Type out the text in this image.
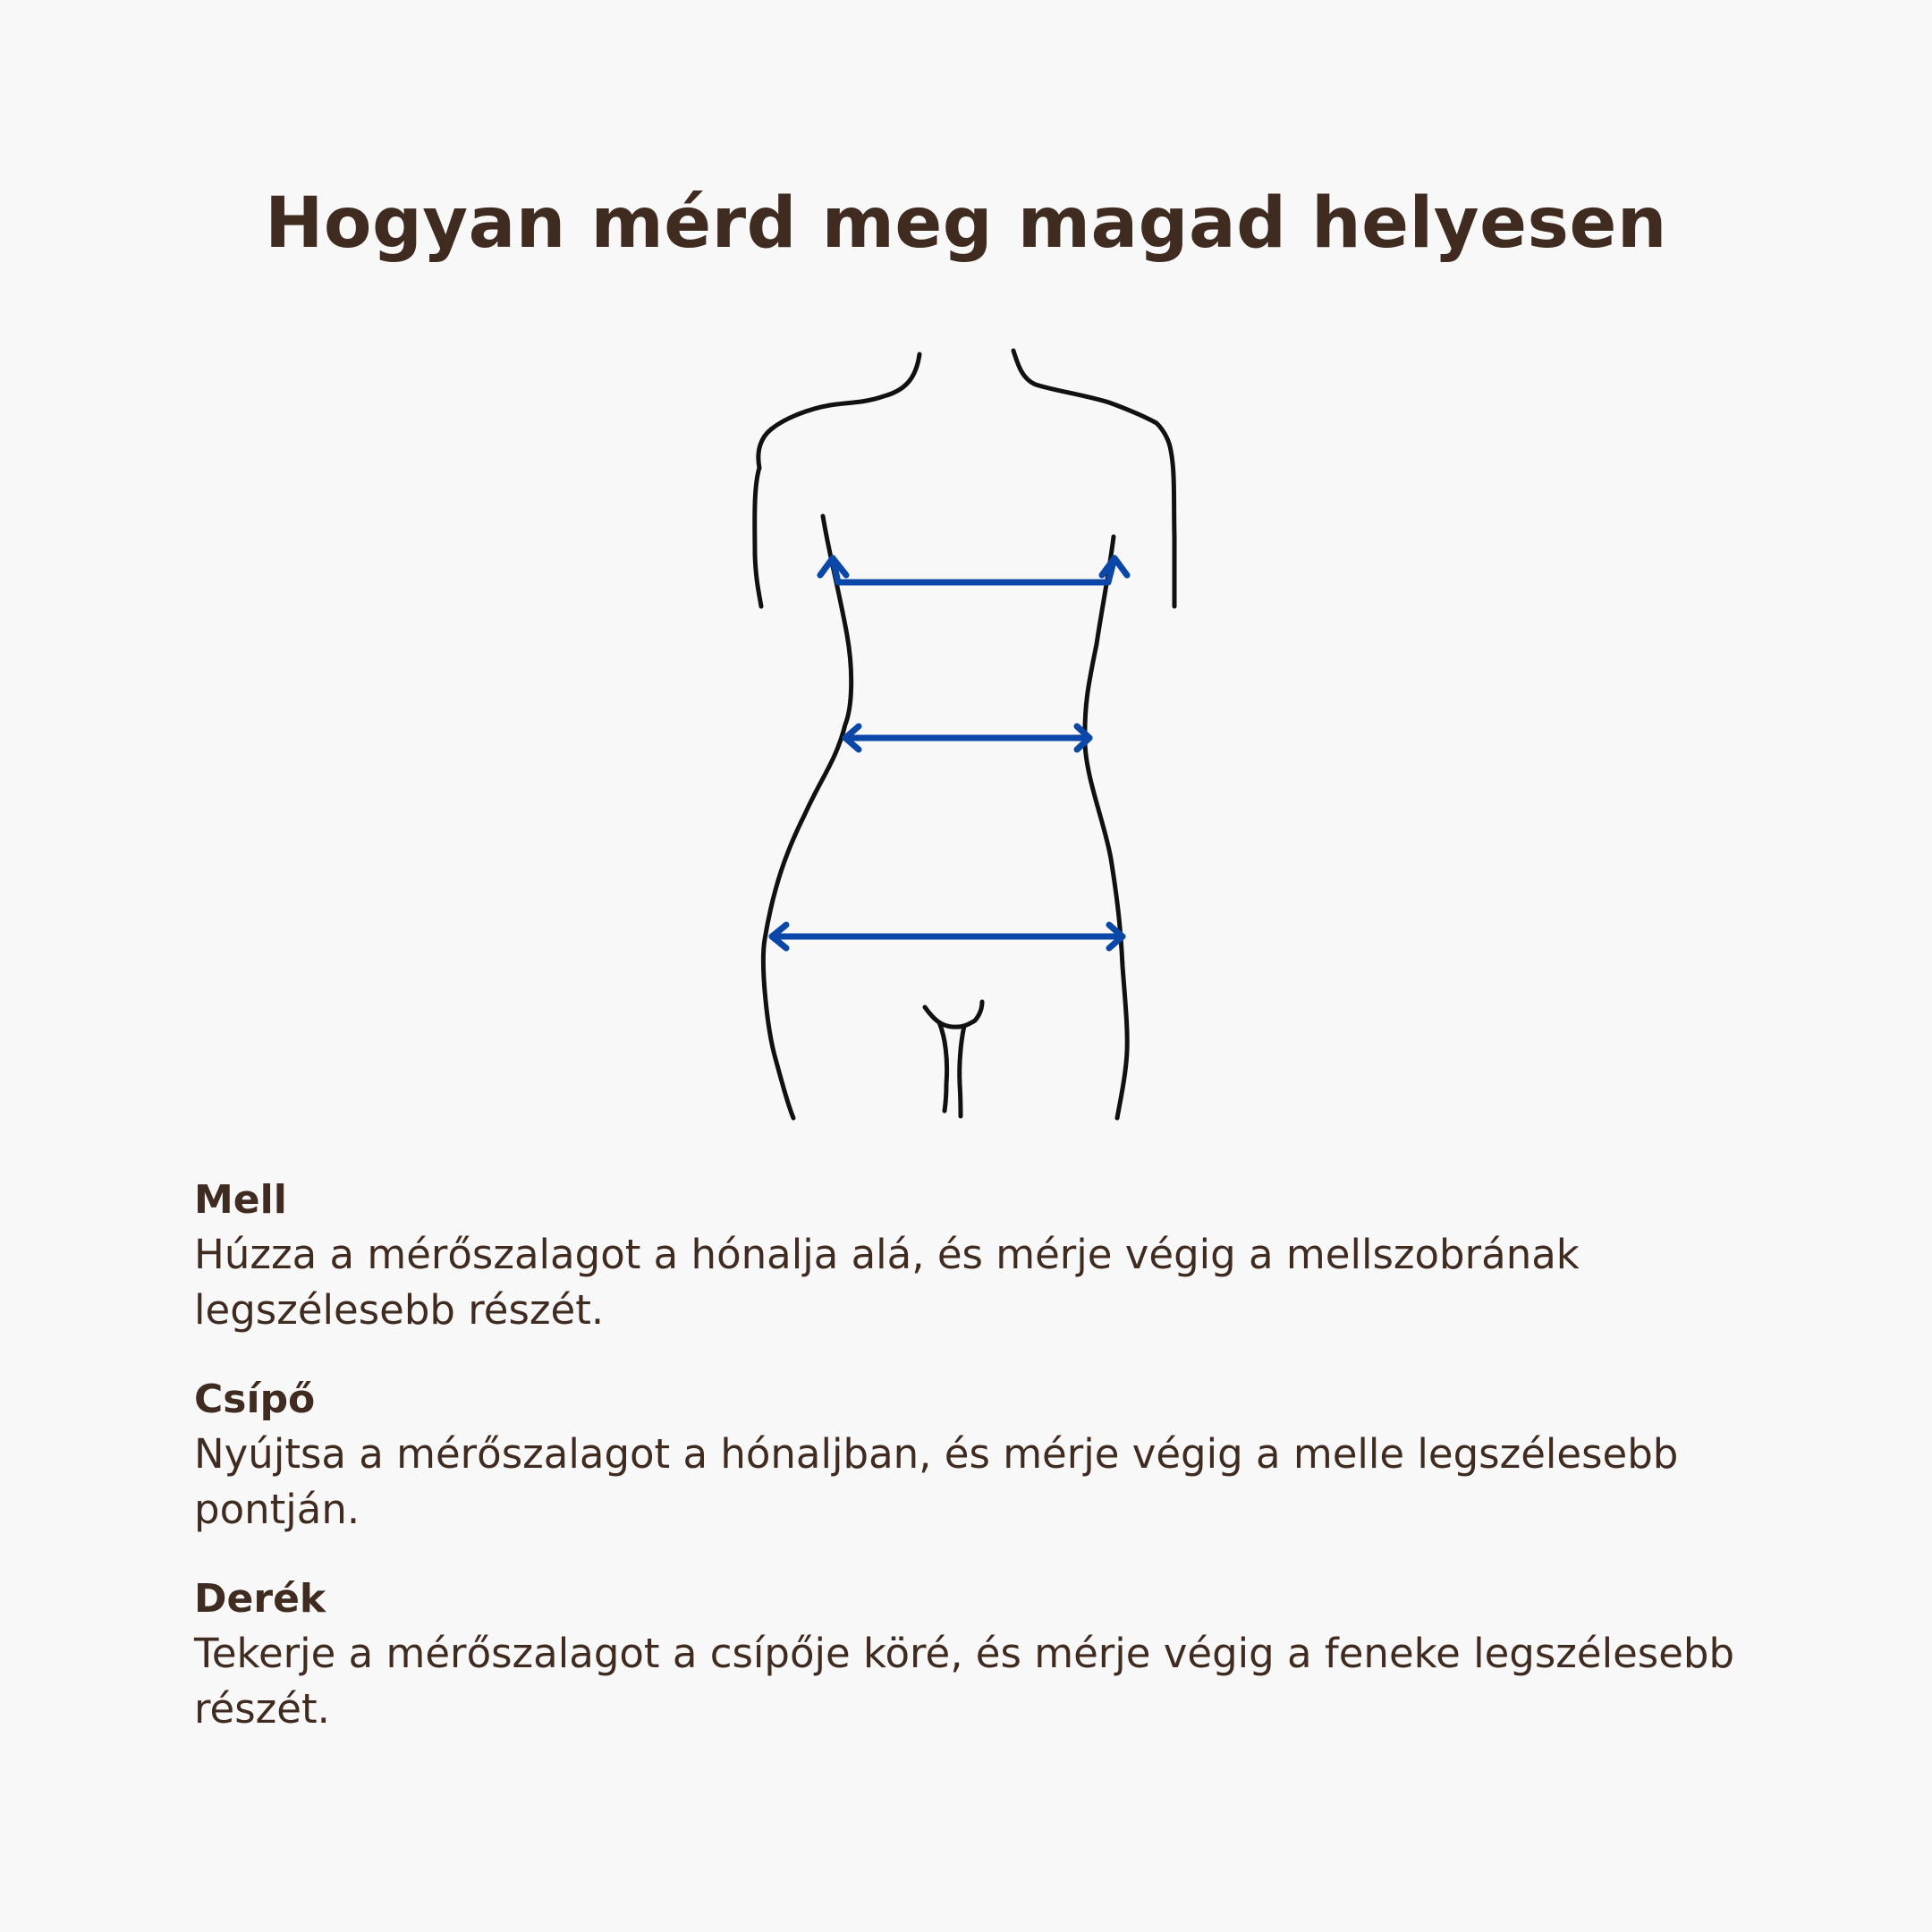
Hogyan mérd meg magad helyesen

Mell

Húzza a mérőszalagot a hónalja alá, és mérje végig a mellszobrának legszélesebb részét.

Csípő

Nyújtsa a mérőszalagot a hónaljban, és mérje végig a melle legszélesebb pontján.

Derék

Tekerje a mérőszalagot a csípője köré, és mérje végig a feneke legszélesebb részét.
